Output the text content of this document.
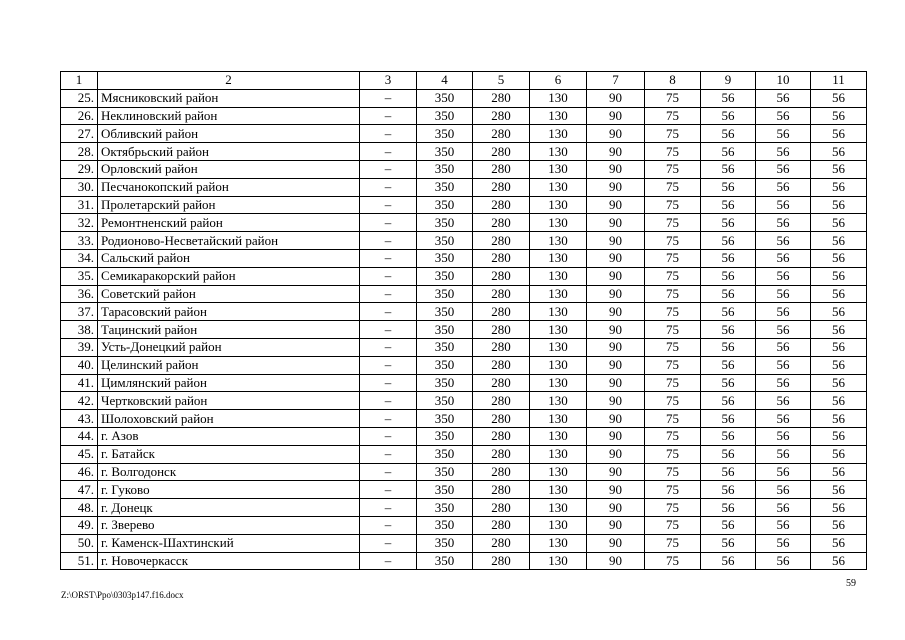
1	2	3	4	5	6	7	8	9	10	11
25.	Мясниковский район	–	350	280	130	90	75	56	56	56
26.	Неклиновский район	–	350	280	130	90	75	56	56	56
27.	Обливский район	–	350	280	130	90	75	56	56	56
28.	Октябрьский район	–	350	280	130	90	75	56	56	56
29.	Орловский район	–	350	280	130	90	75	56	56	56
30.	Песчанокопский район	–	350	280	130	90	75	56	56	56
31.	Пролетарский район	–	350	280	130	90	75	56	56	56
32.	Ремонтненский район	–	350	280	130	90	75	56	56	56
33.	Родионово-Несветайский район	–	350	280	130	90	75	56	56	56
34.	Сальский район	–	350	280	130	90	75	56	56	56
35.	Семикаракорский район	–	350	280	130	90	75	56	56	56
36.	Советский район	–	350	280	130	90	75	56	56	56
37.	Тарасовский район	–	350	280	130	90	75	56	56	56
38.	Тацинский район	–	350	280	130	90	75	56	56	56
39.	Усть-Донецкий район	–	350	280	130	90	75	56	56	56
40.	Целинский район	–	350	280	130	90	75	56	56	56
41.	Цимлянский район	–	350	280	130	90	75	56	56	56
42.	Чертковский район	–	350	280	130	90	75	56	56	56
43.	Шолоховский район	–	350	280	130	90	75	56	56	56
44.	г. Азов	–	350	280	130	90	75	56	56	56
45.	г. Батайск	–	350	280	130	90	75	56	56	56
46.	г. Волгодонск	–	350	280	130	90	75	56	56	56
47.	г. Гуково	–	350	280	130	90	75	56	56	56
48.	г. Донецк	–	350	280	130	90	75	56	56	56
49.	г. Зверево	–	350	280	130	90	75	56	56	56
50.	г. Каменск-Шахтинский	–	350	280	130	90	75	56	56	56
51.	г. Новочеркасск	–	350	280	130	90	75	56	56	56
59
Z:\ORST\Ppo\0303p147.f16.docx
